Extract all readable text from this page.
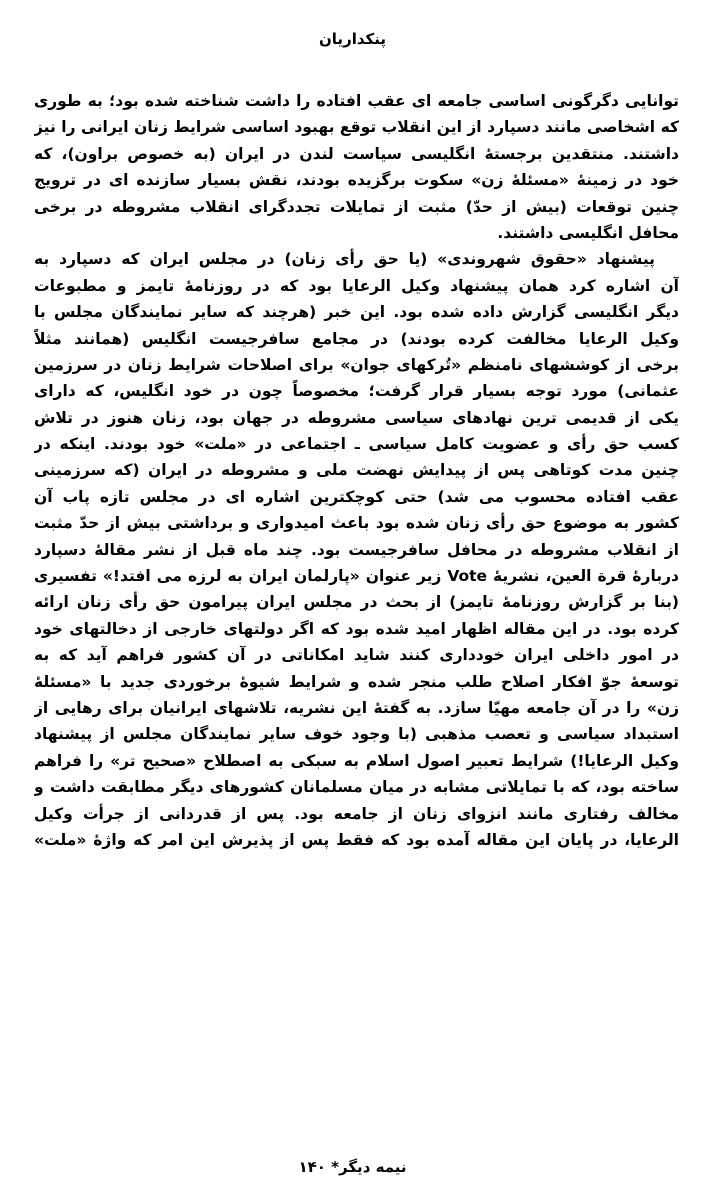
پنکداریان
توانایی دگرگونی اساسی جامعه ای عقب افتاده را داشت شناخته شده بود؛ به طوری
که اشخاصی مانند دسپارد از این انقلاب توقع بهبود اساسی شرایط زنان ایرانی را نیز
داشتند. منتقدین برجستهٔ انگلیسی سیاست لندن در ایران (به خصوص براون)، که
خود در زمینهٔ «مسئلهٔ زن» سکوت برگزیده بودند، نقش بسیار سازنده ای در ترویج
چنین توقعات (بیش از حدّ) مثبت از تمایلات تجددگرای انقلاب مشروطه در برخی
محافل انگلیسی داشتند.
پیشنهاد «حقوق شهروندی» (یا حق رأی زنان) در مجلس ایران که دسپارد به
آن اشاره کرد همان پیشنهاد وکیل الرعایا بود که در روزنامهٔ تایمز و مطبوعات
دیگر انگلیسی گزارش داده شده بود. این خبر (هرچند که سایر نمایندگان مجلس با
وکیل الرعایا مخالفت کرده بودند) در مجامع سافرجیست انگلیس (همانند مثلاً
برخی از کوششهای نامنظم «تُرکهای جوان» برای اصلاحات شرایط زنان در سرزمین
عثمانی) مورد توجه بسیار قرار گرفت؛ مخصوصاً چون در خود انگلیس، که دارای
یکی از قدیمی ترین نهادهای سیاسی مشروطه در جهان بود، زنان هنوز در تلاش
کسب حق رأی و عضویت کامل سیاسی ـ اجتماعی در «ملت» خود بودند. اینکه در
چنین مدت کوتاهی پس از پیدایش نهضت ملی و مشروطه در ایران (که سرزمینی
عقب افتاده محسوب می شد) حتی کوچکترین اشاره ای در مجلس تازه پاب آن
کشور به موضوع حق رأی زنان شده بود باعث امیدواری و برداشتی بیش از حدّ مثبت
از انقلاب مشروطه در محافل سافرجیست بود. چند ماه قبل از نشر مقالهٔ دسپارد
دربارهٔ قرة العین، نشریهٔ Vote زیر عنوان «پارلمان ایران به لرزه می افتد!» تفسیری
(بنا بر گزارش روزنامهٔ تایمز) از بحث در مجلس ایران پیرامون حق رأی زنان ارائه
کرده بود. در این مقاله اظهار امید شده بود که اگر دولتهای خارجی از دخالتهای خود
در امور داخلی ایران خودداری کنند شاید امکاناتی در آن کشور فراهم آید که به
توسعهٔ جوّ افکار اصلاح طلب منجر شده و شرایط شیوهٔ برخوردی جدید با «مسئلهٔ
زن» را در آن جامعه مهیّا سازد. به گفتهٔ این نشریه، تلاشهای ایرانیان برای رهایی از
استبداد سیاسی و تعصب مذهبی (با وجود خوف سایر نمایندگان مجلس از پیشنهاد
وکیل الرعایا!) شرایط تعبیر اصول اسلام به سبکی به اصطلاح «صحیح تر» را فراهم
ساخته بود، که با تمایلاتی مشابه در میان مسلمانان کشورهای دیگر مطابقت داشت و
مخالف رفتاری مانند انزوای زنان از جامعه بود. پس از قدردانی از جرأت وکیل
الرعایا، در پایان این مقاله آمده بود که فقط پس از پذیرش این امر که واژهٔ «ملت»
نیمه دیگر* ۱۴۰
